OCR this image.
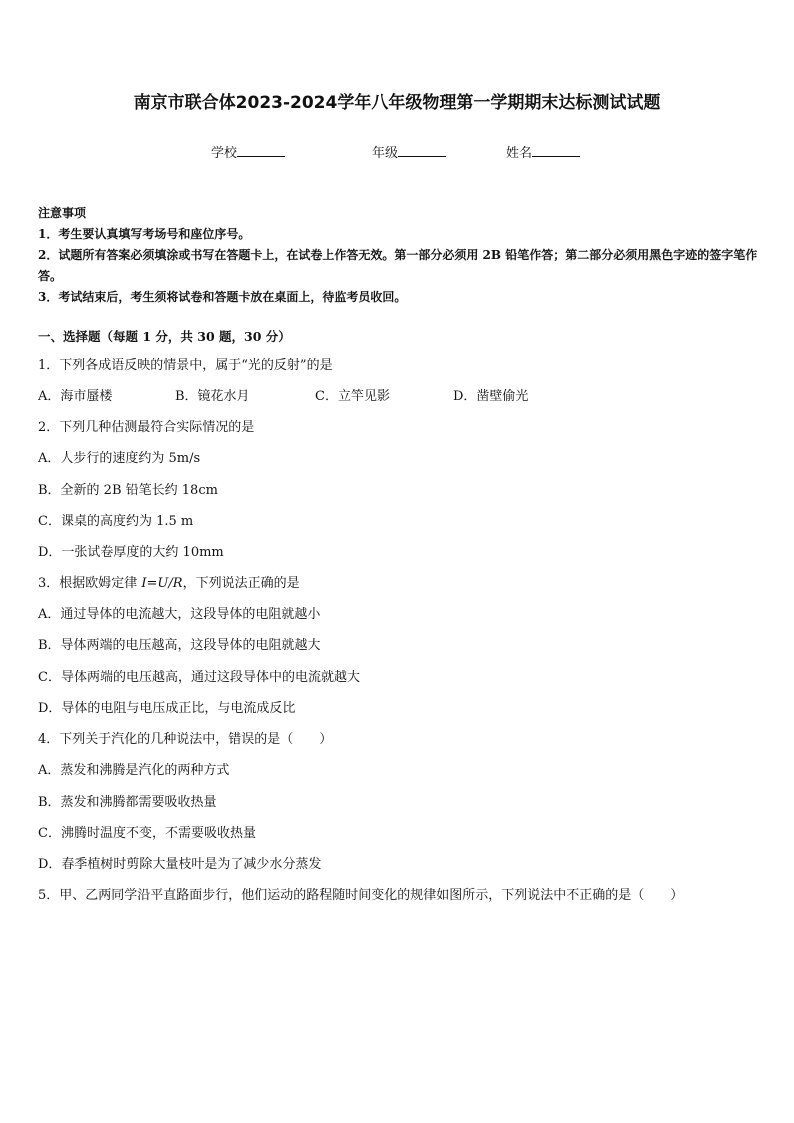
南京市联合体2023-2024学年八年级物理第一学期期末达标测试试题
学校	年级	姓名

注意事项

1．考生要认真填写考场号和座位序号。

2．试题所有答案必须填涂或书写在答题卡上，在试卷上作答无效。第一部分必须用 2B 铅笔作答；第二部分必须用黑色字迹的签字笔作答。

3．考试结束后，考生须将试卷和答题卡放在桌面上，待监考员收回。

一、选择题（每题 1 分，共 30 题，30 分）
1．下列各成语反映的情景中，属于“光的反射”的是
A．海市蜃楼	B．镜花水月	C．立竿见影	D．凿壁偷光
2．下列几种估测最符合实际情况的是
A．人步行的速度约为 5m/s
B．全新的 2B 铅笔长约 18cm
C．课桌的高度约为 1.5 m
D．一张试卷厚度的大约 10mm
3．根据欧姆定律 I=U/R，下列说法正确的是
A．通过导体的电流越大，这段导体的电阻就越小
B．导体两端的电压越高，这段导体的电阻就越大
C．导体两端的电压越高，通过这段导体中的电流就越大
D．导体的电阻与电压成正比，与电流成反比
4．下列关于汽化的几种说法中，错误的是（　　）
A．蒸发和沸腾是汽化的两种方式
B．蒸发和沸腾都需要吸收热量
C．沸腾时温度不变，不需要吸收热量
D．春季植树时剪除大量枝叶是为了减少水分蒸发
5．甲、乙两同学沿平直路面步行，他们运动的路程随时间变化的规律如图所示，下列说法中不正确的是（　　）
